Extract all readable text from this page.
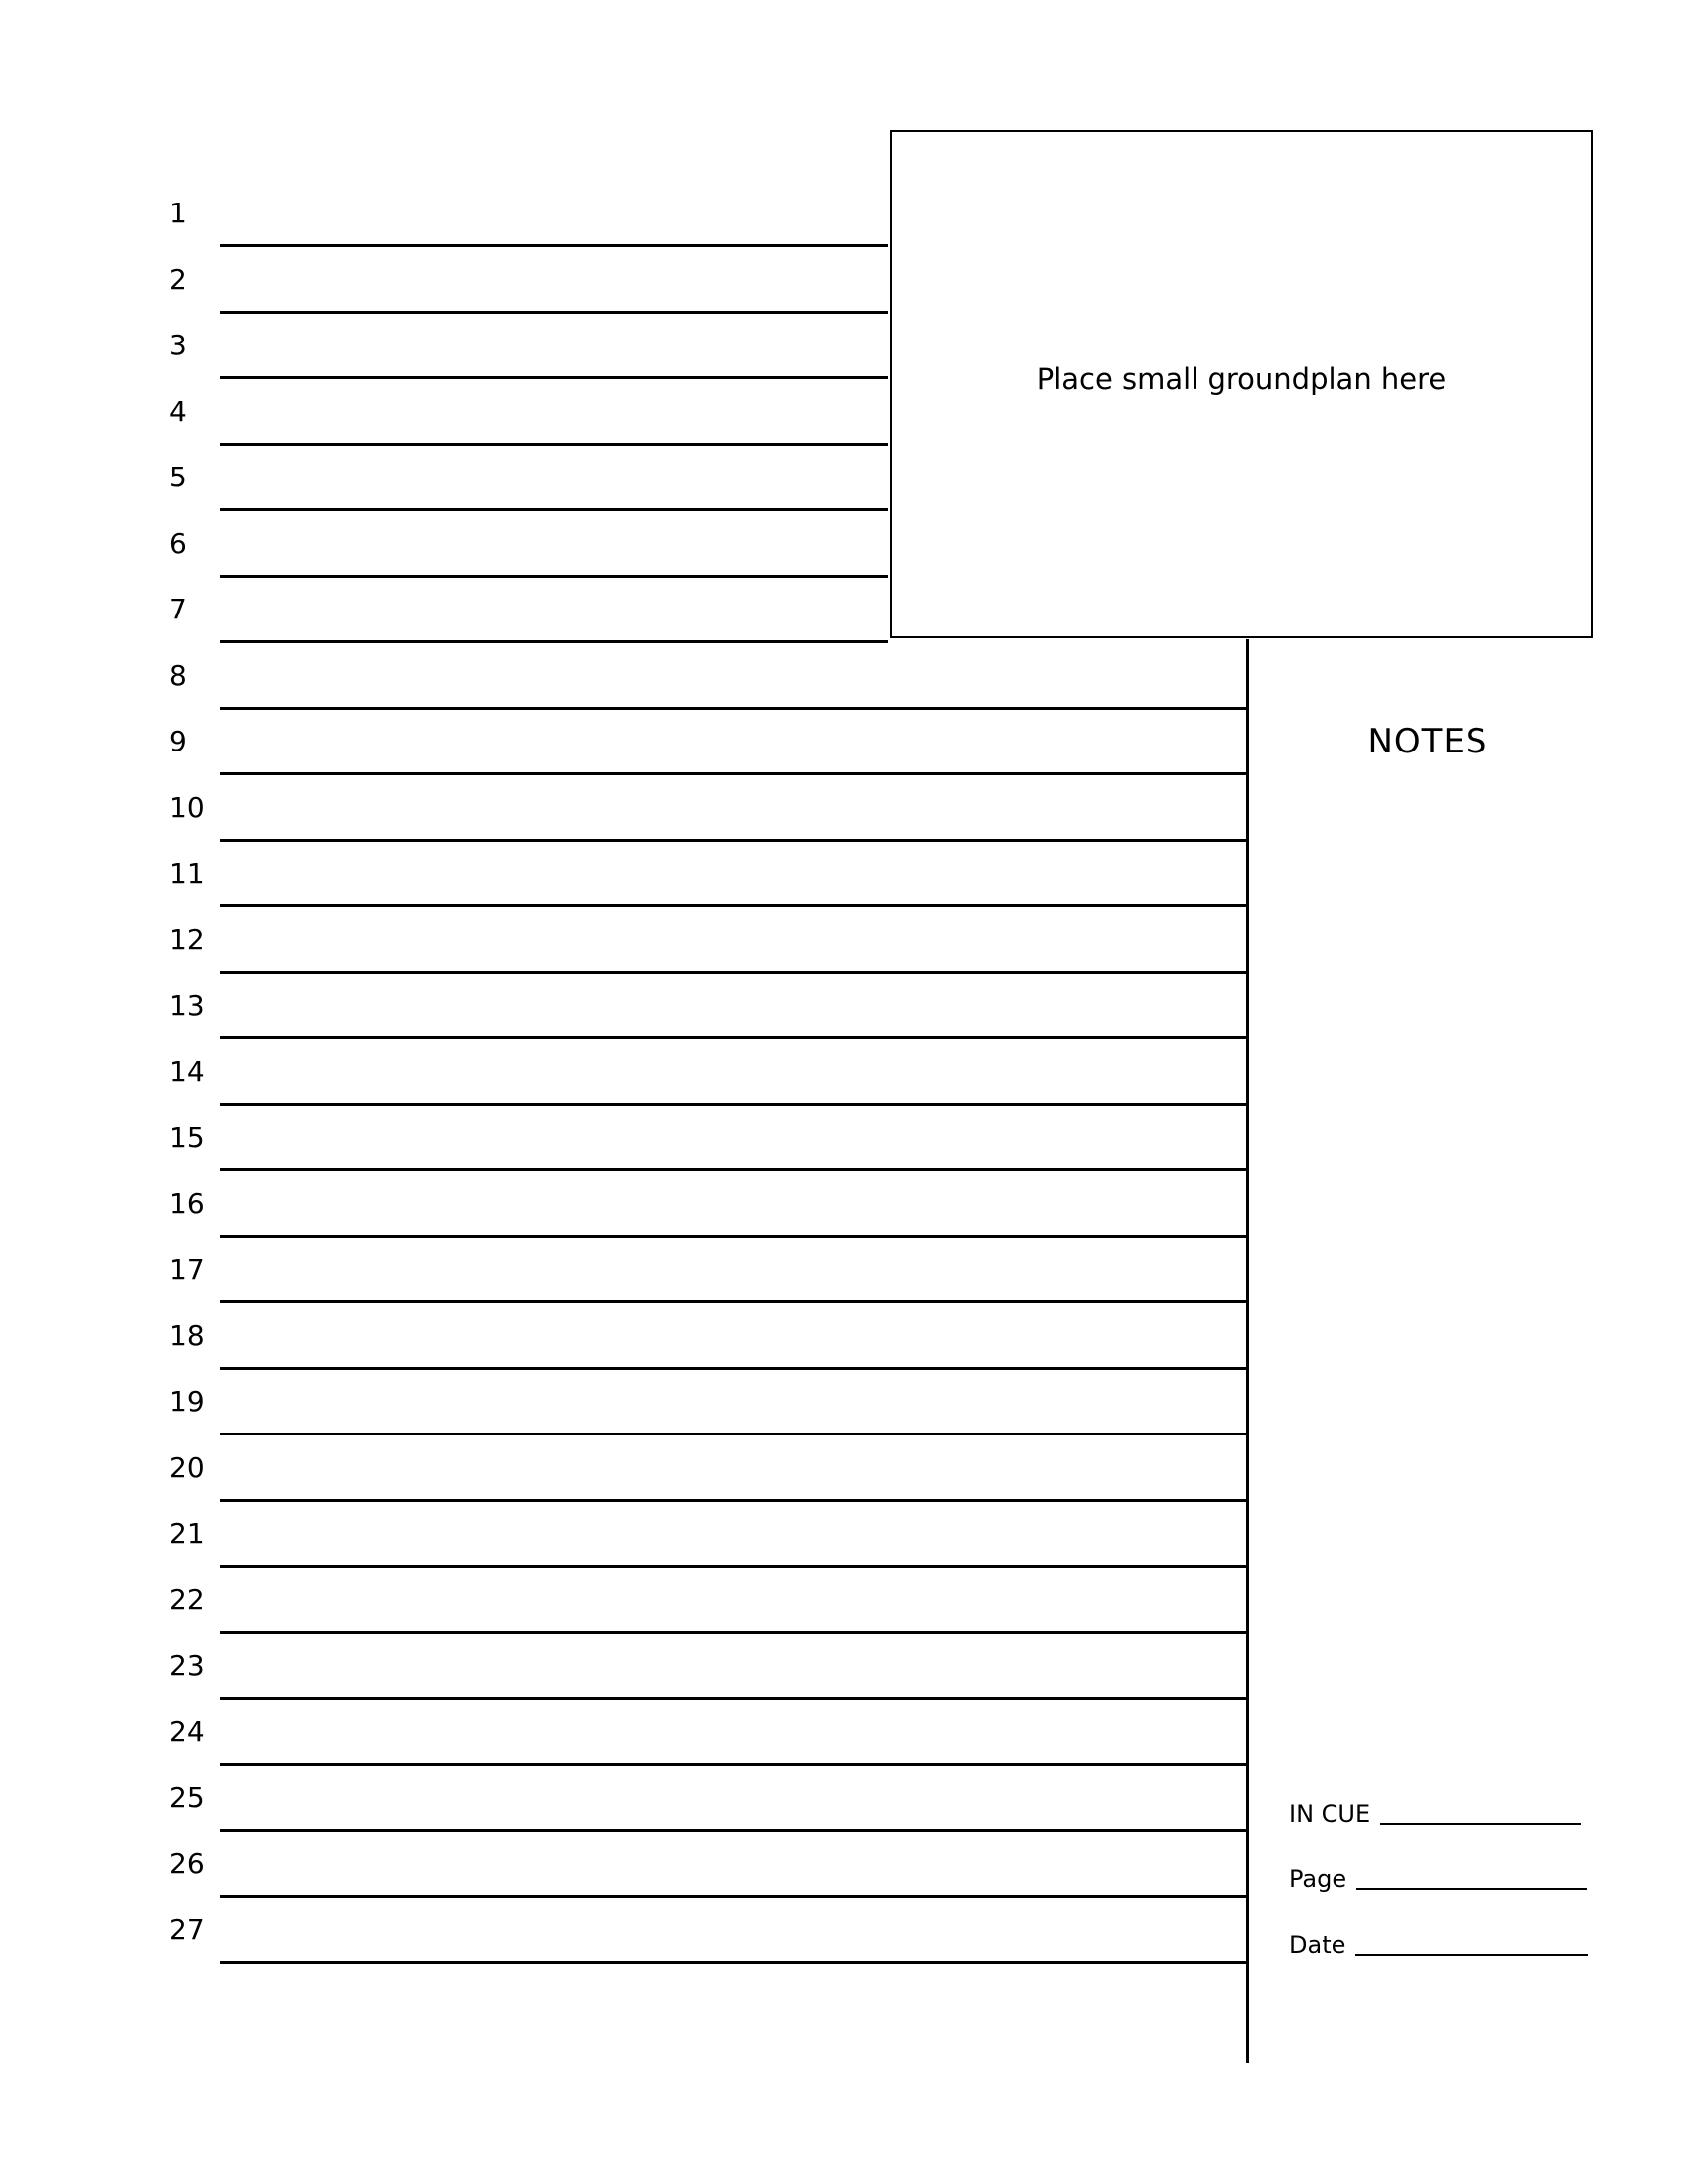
1
2
3
4
5
6
7
8
9
10
11
12
13
14
15
16
17
18
19
20
21
22
23
24
25
26
27
Place small groundplan here
NOTES
IN CUE
Page
Date
